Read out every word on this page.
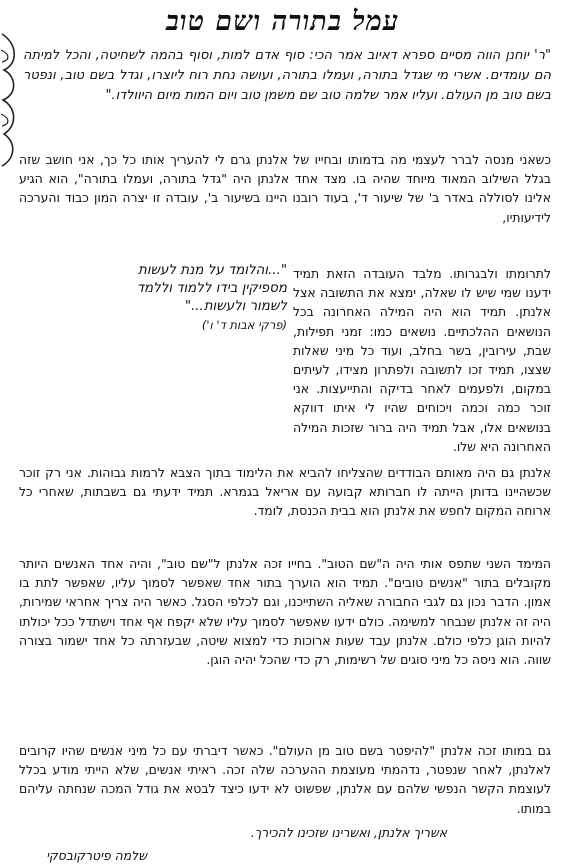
עמל בתורה ושם טוב

"ר' יוחנן הווה מסיים ספרא דאיוב אמר הכי: סוף אדם למות, וסוף בהמה לשחיטה, והכל למיתה הם עומדים. אשרי מי שגדל בתורה, ועמלו בתורה, ועושה נחת רוח ליוצרו, וגדל בשם טוב, ונפטר בשם טוב מן העולם. ועליו אמר שלמה טוב שם משמן טוב ויום המות מיום היוולדו."

כשאני מנסה לברר לעצמי מה בדמותו ובחייו של אלנתן גרם לי להעריך אותו כל כך, אני חושב שזה בגלל השילוב המאוד מיוחד שהיה בו. מצד אחד אלנתן היה "גדל בתורה, ועמלו בתורה", הוא הגיע אלינו לסוללה באדר ב' של שיעור ד', בעוד רובנו היינו בשיעור ב', עובדה זו יצרה המון כבוד והערכה לידיעותיו,

"...והלומד על מנת לעשות מספיקין בידו ללמוד וללמד לשמור ולעשות..."
(פרקי אבות ד' ו')

לתרומתו ולבגרותו. מלבד העובדה הזאת תמיד ידענו שמי שיש לו שאלה, ימצא את התשובה אצל אלנתן. תמיד הוא היה המילה האחרונה בכל הנושאים ההלכתיים. נושאים כמו: זמני תפילות, שבת, עירובין, בשר בחלב, ועוד כל מיני שאלות שצצו, תמיד זכו לתשובה ולפתרון מצידו, לעיתים במקום, ולפעמים לאחר בדיקה והתייעצות. אני זוכר כמה וכמה ויכוחים שהיו לי איתו דווקא בנושאים אלו, אבל תמיד היה ברור שזכות המילה האחרונה היא שלו.

אלנתן גם היה מאותם הבודדים שהצליחו להביא את הלימוד בתוך הצבא לרמות גבוהות. אני רק זוכר שכשהיינו בדותן הייתה לו חברותא קבועה עם אריאל בגמרא. תמיד ידעתי גם בשבתות, שאחרי כל ארוחה המקום לחפש את אלנתן הוא בבית הכנסת, לומד.

המימד השני שתפס אותי היה ה"שם הטוב". בחייו זכה אלנתן ל"שם טוב", והיה אחד האנשים היותר מקובלים בתור "אנשים טובים". תמיד הוא הוערך בתור אחד שאפשר לסמוך עליו, שאפשר לתת בו אמון. הדבר נכון גם לגבי החבורה שאליה השתייכנו, וגם לכלפי הסגל. כאשר היה צריך אחראי שמירות, היה זה אלנתן שנבחר למשימה. כולם ידעו שאפשר לסמוך עליו שלא יקפח אף אחד וישתדל ככל יכולתו להיות הוגן כלפי כולם. אלנתן עבד שעות ארוכות כדי למצוא שיטה, שבעזרתה כל אחד ישמור בצורה שווה. הוא ניסה כל מיני סוגים של רשימות, רק כדי שהכל יהיה הוגן.

גם במותו זכה אלנתן "להיפטר בשם טוב מן העולם". כאשר דיברתי עם כל מיני אנשים שהיו קרובים לאלנתן, לאחר שנפטר, נדהמתי מעוצמת ההערכה שלה זכה. ראיתי אנשים, שלא הייתי מודע בכלל לעוצמת הקשר הנפשי שלהם עם אלנתן, שפשוט לא ידעו כיצד לבטא את גודל המכה שנחתה עליהם במותו.

אשריך אלנתן, ואשרינו שזכינו להכירך.

שלמה פיטרקובסקי
